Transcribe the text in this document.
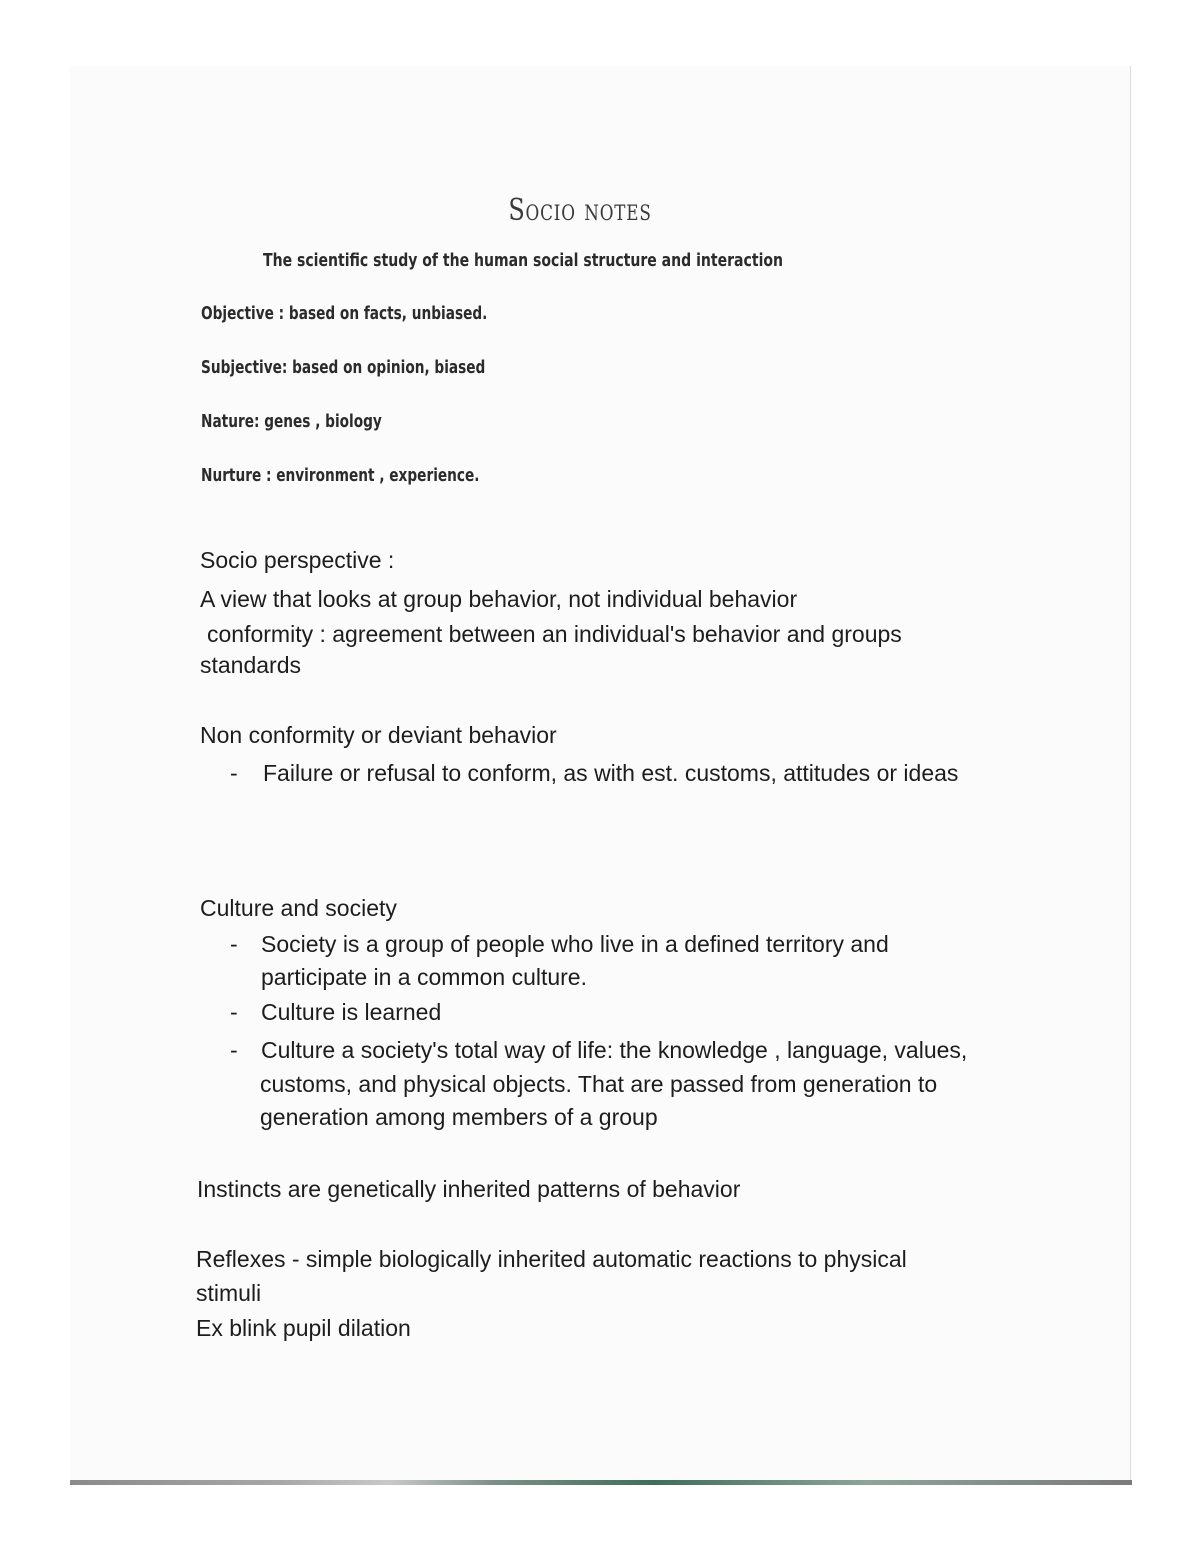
Socio notes
The scientific study of the human social structure and interaction
Objective : based on facts, unbiased.
Subjective: based on opinion, biased
Nature: genes , biology
Nurture : environment , experience.
Socio perspective :
A view that looks at group behavior, not individual behavior
conformity : agreement between an individual's behavior and groups
standards
Non conformity or deviant behavior
- Failure or refusal to conform, as with est. customs, attitudes or ideas
Culture and society
- Society is a group of people who live in a defined territory and
participate in a common culture.
- Culture is learned
- Culture a society's total way of life: the knowledge , language, values,
customs, and physical objects. That are passed from generation to
generation among members of a group
Instincts are genetically inherited patterns of behavior
Reflexes - simple biologically inherited automatic reactions to physical
stimuli
Ex blink pupil dilation
